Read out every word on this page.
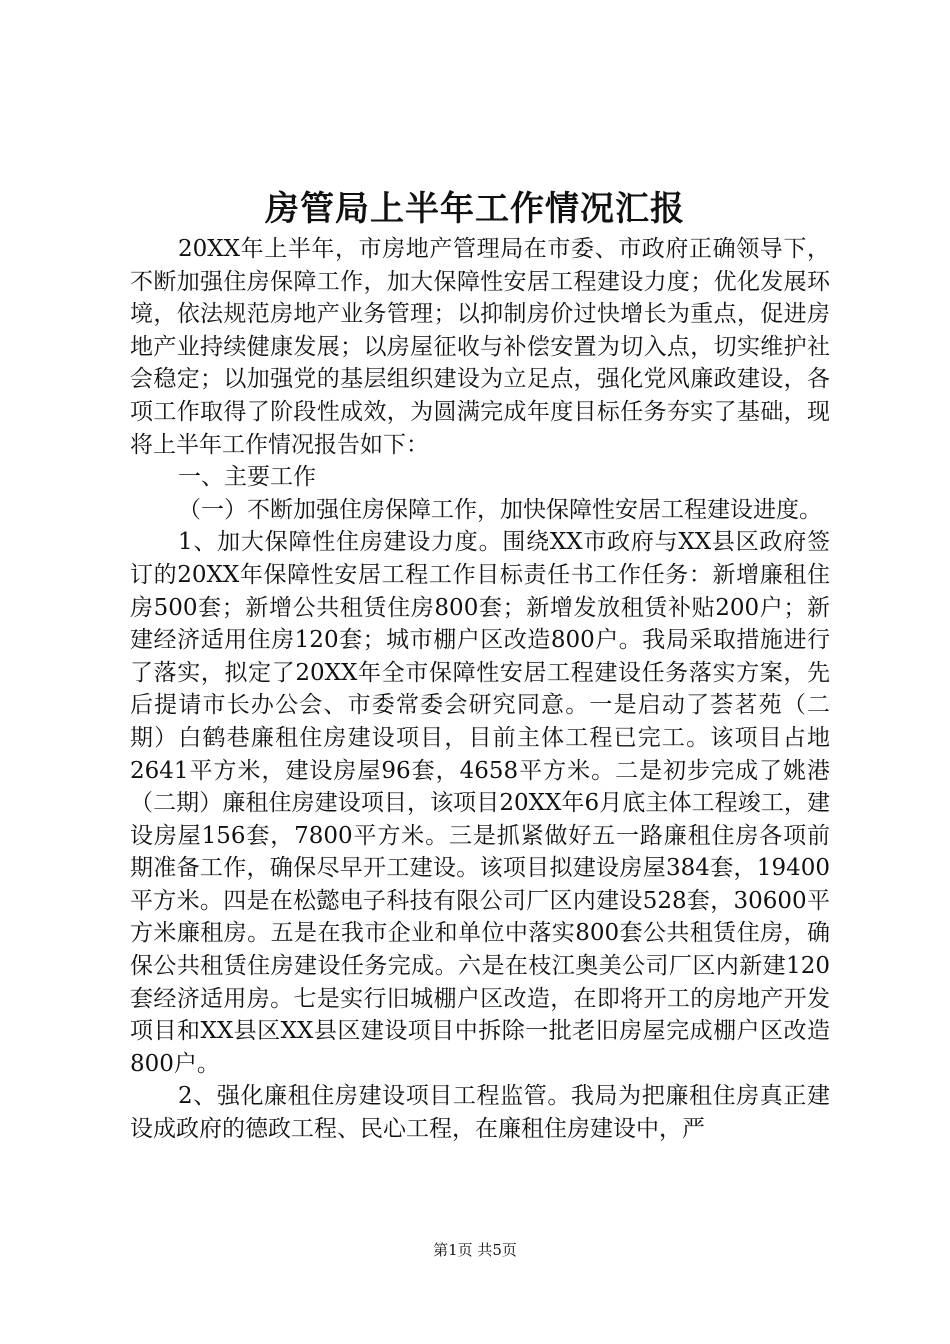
房管局上半年工作情况汇报

20XX年上半年，市房地产管理局在市委、市政府正确领导下，不断加强住房保障工作，加大保障性安居工程建设力度；优化发展环境，依法规范房地产业务管理；以抑制房价过快增长为重点，促进房地产业持续健康发展；以房屋征收与补偿安置为切入点，切实维护社会稳定；以加强党的基层组织建设为立足点，强化党风廉政建设，各项工作取得了阶段性成效，为圆满完成年度目标任务夯实了基础，现将上半年工作情况报告如下：

一、主要工作

（一）不断加强住房保障工作，加快保障性安居工程建设进度。

1、加大保障性住房建设力度。围绕XX市政府与XX县区政府签订的20XX年保障性安居工程工作目标责任书工作任务：新增廉租住房500套；新增公共租赁住房800套；新增发放租赁补贴200户；新建经济适用住房120套；城市棚户区改造800户。我局采取措施进行了落实，拟定了20XX年全市保障性安居工程建设任务落实方案，先后提请市长办公会、市委常委会研究同意。一是启动了荟茗苑（二期）白鹤巷廉租住房建设项目，目前主体工程已完工。该项目占地2641平方米，建设房屋96套，4658平方米。二是初步完成了姚港（二期）廉租住房建设项目，该项目20XX年6月底主体工程竣工，建设房屋156套，7800平方米。三是抓紧做好五一路廉租住房各项前期准备工作，确保尽早开工建设。该项目拟建设房屋384套，19400平方米。四是在松懿电子科技有限公司厂区内建设528套，30600平方米廉租房。五是在我市企业和单位中落实800套公共租赁住房，确保公共租赁住房建设任务完成。六是在枝江奥美公司厂区内新建120套经济适用房。七是实行旧城棚户区改造，在即将开工的房地产开发项目和XX县区XX县区建设项目中拆除一批老旧房屋完成棚户区改造800户。

2、强化廉租住房建设项目工程监管。我局为把廉租住房真正建设成政府的德政工程、民心工程，在廉租住房建设中，严

第1页 共5页
